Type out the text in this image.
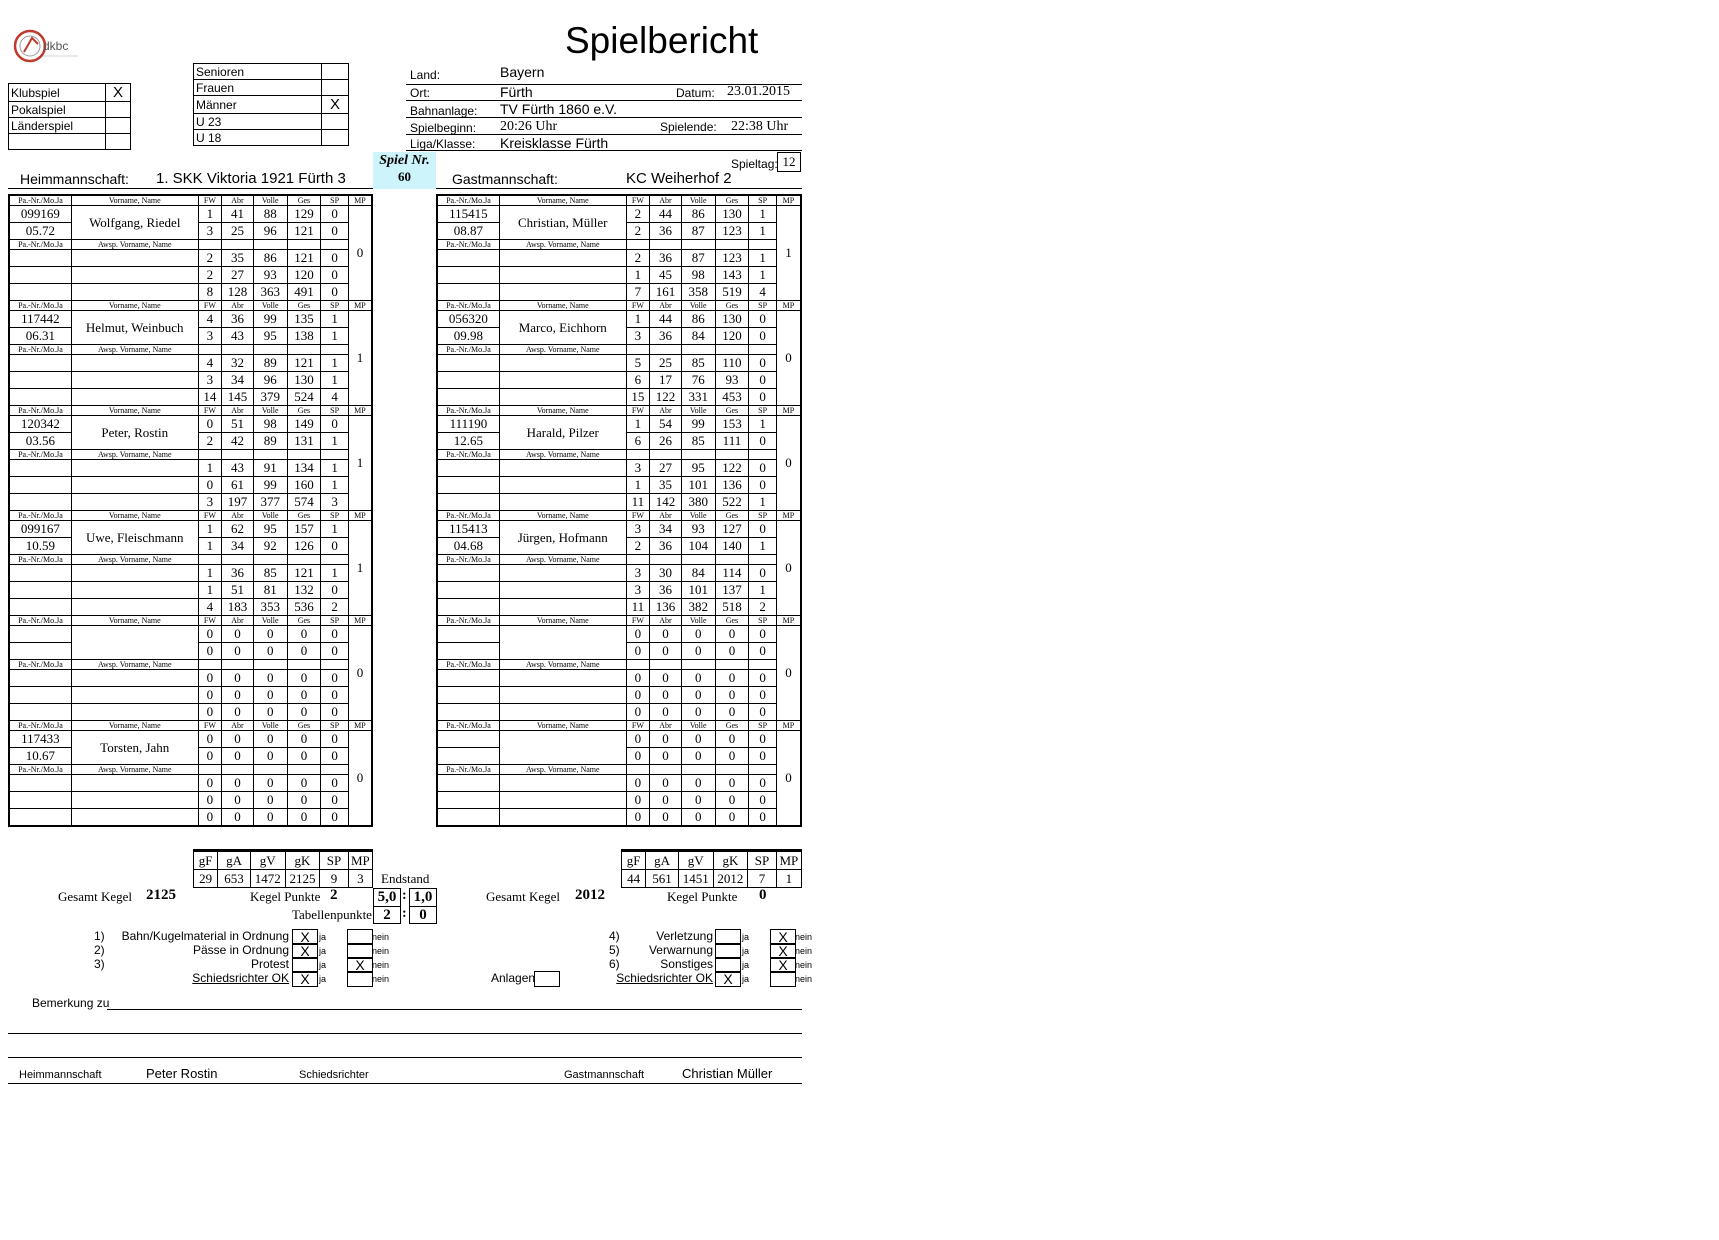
Spielbericht
dkbc
Klubspiel	X
Pokalspiel	
Länderspiel	

Senioren	
Frauen	
Männer	X
U 23	
U 18	
Land:	Bayern
Ort:	Fürth	Datum: 23.01.2015
Bahnanlage: TV Fürth 1860 e.V.
Spielbeginn: 20:26 Uhr	Spielende: 22:38 Uhr
Liga/Klasse: Kreisklasse Fürth
Spieltag: 12
Spiel Nr.
60
Heimmannschaft: 1. SKK Viktoria 1921 Fürth 3	Gastmannschaft:	KC Weiherhof 2
Pa.-Nr./Mo.Ja	Vorname, Name	FW	Abr	Volle	Ges	SP	MP
099169	Wolfgang, Riedel	1	41	88	129	0	0
05.72		3	25	96	121	0	
Pa.-Nr./Mo.Ja	Awsp. Vorname, Name						
		2	35	86	121	0	
		2	27	93	120	0	
		8	128	363	491	0	
Pa.-Nr./Mo.Ja	Vorname, Name	FW	Abr	Volle	Ges	SP	MP
117442	Helmut, Weinbuch	4	36	99	135	1	1
06.31		3	43	95	138	1	
Pa.-Nr./Mo.Ja	Awsp. Vorname, Name						
		4	32	89	121	1	
		3	34	96	130	1	
		14	145	379	524	4	
Pa.-Nr./Mo.Ja	Vorname, Name	FW	Abr	Volle	Ges	SP	MP
120342	Peter, Rostin	0	51	98	149	0	1
03.56		2	42	89	131	1	
Pa.-Nr./Mo.Ja	Awsp. Vorname, Name						
		1	43	91	134	1	
		0	61	99	160	1	
		3	197	377	574	3	
Pa.-Nr./Mo.Ja	Vorname, Name	FW	Abr	Volle	Ges	SP	MP
099167	Uwe, Fleischmann	1	62	95	157	1	1
10.59		1	34	92	126	0	
Pa.-Nr./Mo.Ja	Awsp. Vorname, Name						
		1	36	85	121	1	
		1	51	81	132	0	
		4	183	353	536	2	
Pa.-Nr./Mo.Ja	Vorname, Name	FW	Abr	Volle	Ges	SP	MP
		0	0	0	0	0	0
		0	0	0	0	0	
Pa.-Nr./Mo.Ja	Awsp. Vorname, Name						
		0	0	0	0	0	
		0	0	0	0	0	
		0	0	0	0	0	
Pa.-Nr./Mo.Ja	Vorname, Name	FW	Abr	Volle	Ges	SP	MP
117433	Torsten, Jahn	0	0	0	0	0	0
10.67		0	0	0	0	0	
Pa.-Nr./Mo.Ja	Awsp. Vorname, Name						
		0	0	0	0	0	
		0	0	0	0	0	
		0	0	0	0	0	
Pa.-Nr./Mo.Ja	Vorname, Name	FW	Abr	Volle	Ges	SP	MP
115415	Christian, Müller	2	44	86	130	1	1
08.87		2	36	87	123	1	
Pa.-Nr./Mo.Ja	Awsp. Vorname, Name						
		2	36	87	123	1	
		1	45	98	143	1	
		7	161	358	519	4	
Pa.-Nr./Mo.Ja	Vorname, Name	FW	Abr	Volle	Ges	SP	MP
056320	Marco, Eichhorn	1	44	86	130	0	0
09.98		3	36	84	120	0	
Pa.-Nr./Mo.Ja	Awsp. Vorname, Name						
		5	25	85	110	0	
		6	17	76	93	0	
		15	122	331	453	0	
Pa.-Nr./Mo.Ja	Vorname, Name	FW	Abr	Volle	Ges	SP	MP
111190	Harald, Pilzer	1	54	99	153	1	0
12.65		6	26	85	111	0	
Pa.-Nr./Mo.Ja	Awsp. Vorname, Name						
		3	27	95	122	0	
		1	35	101	136	0	
		11	142	380	522	1	
Pa.-Nr./Mo.Ja	Vorname, Name	FW	Abr	Volle	Ges	SP	MP
115413	Jürgen, Hofmann	3	34	93	127	0	0
04.68		2	36	104	140	1	
Pa.-Nr./Mo.Ja	Awsp. Vorname, Name						
		3	30	84	114	0	
		3	36	101	137	1	
		11	136	382	518	2	
Pa.-Nr./Mo.Ja	Vorname, Name	FW	Abr	Volle	Ges	SP	MP
		0	0	0	0	0	0
		0	0	0	0	0	
Pa.-Nr./Mo.Ja	Awsp. Vorname, Name						
		0	0	0	0	0	
		0	0	0	0	0	
		0	0	0	0	0	
Pa.-Nr./Mo.Ja	Vorname, Name	FW	Abr	Volle	Ges	SP	MP
		0	0	0	0	0	0
		0	0	0	0	0	
Pa.-Nr./Mo.Ja	Awsp. Vorname, Name						
		0	0	0	0	0	
		0	0	0	0	0	
		0	0	0	0	0	
gF	gA	gV	gK	SP	MP
29	653	1472	2125	9	3
gF	gA	gV	gK	SP	MP
44	561	1451	2012	7	1
Endstand
Gesamt Kegel 2125	Kegel Punkte 2	5,0 : 1,0	Gesamt Kegel 2012	Kegel Punkte 0
Tabellenpunkte 2 : 0
1) Bahn/Kugelmaterial in Ordnung X	ja	nein
2)	Pässe in Ordnung X	ja	nein
3)	Protest	ja	X nein
Schiedsrichter OK X	ja	nein
4)	Verletzung	ja	X nein
5) Verwarnung	ja	X nein
6)	Sonstiges	ja	X nein
Schiedsrichter OK X	ja	nein
Anlagen
Bemerkung zu
Heimmannschaft	Peter Rostin	Schiedsrichter	Gastmannschaft	Christian Müller
